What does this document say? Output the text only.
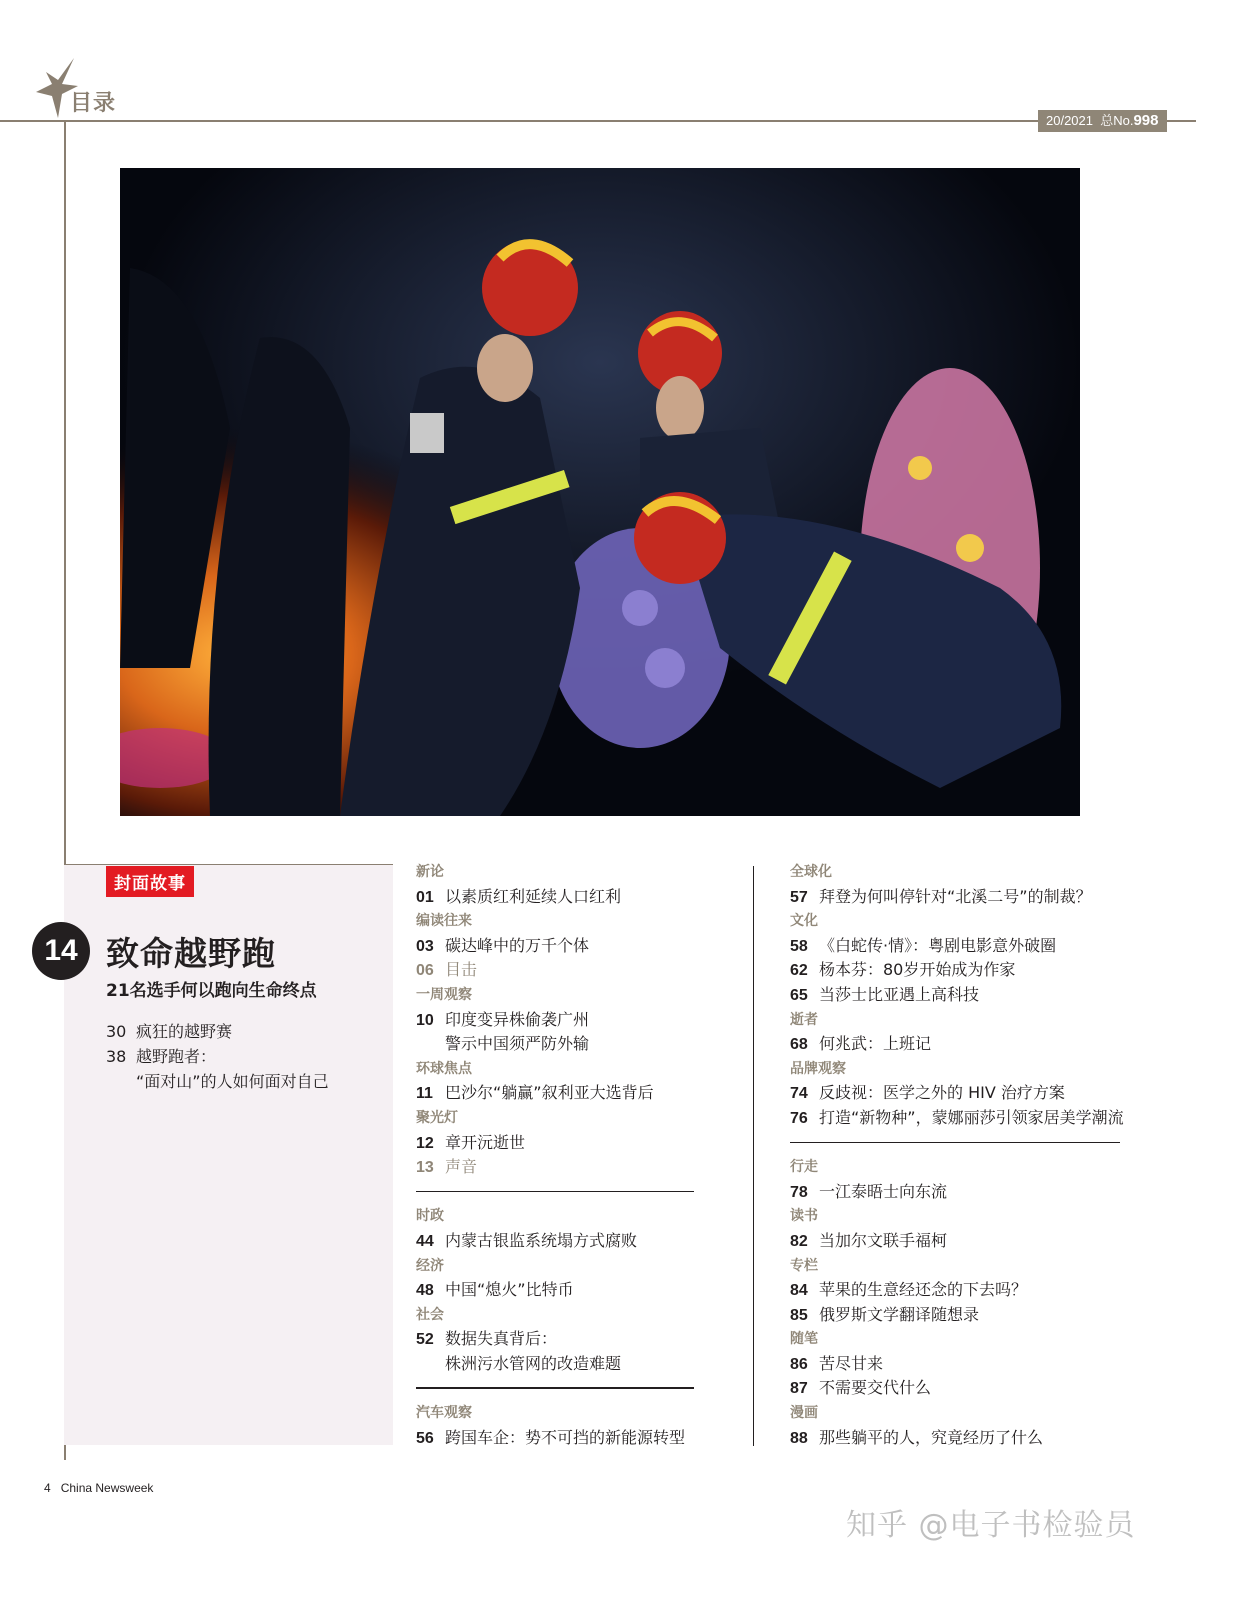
目录
20/2021 总No.998
封面故事
14 致命越野跑
21名选手何以跑向生命终点
30 疯狂的越野赛
38 越野跑者：
“面对山”的人如何面对自己
新论
01 以素质红利延续人口红利
编读往来
03 碳达峰中的万千个体
06 目击
一周观察
10 印度变异株偷袭广州
警示中国须严防外输
环球焦点
11 巴沙尔“躺赢”叙利亚大选背后
聚光灯
12 章开沅逝世
13 声音
时政
44 内蒙古银监系统塌方式腐败
经济
48 中国“熄火”比特币
社会
52 数据失真背后：
株洲污水管网的改造难题
汽车观察
56 跨国车企：势不可挡的新能源转型
全球化
57 拜登为何叫停针对“北溪二号”的制裁？
文化
58 《白蛇传·情》：粤剧电影意外破圈
62 杨本芬：80岁开始成为作家
65 当莎士比亚遇上高科技
逝者
68 何兆武：上班记
品牌观察
74 反歧视：医学之外的 HIV 治疗方案
76 打造“新物种”，蒙娜丽莎引领家居美学潮流
行走
78 一江泰晤士向东流
读书
82 当加尔文联手福柯
专栏
84 苹果的生意经还念的下去吗？
85 俄罗斯文学翻译随想录
随笔
86 苦尽甘来
87 不需要交代什么
漫画
88 那些躺平的人，究竟经历了什么
4 China Newsweek
知乎 @电子书检验员
